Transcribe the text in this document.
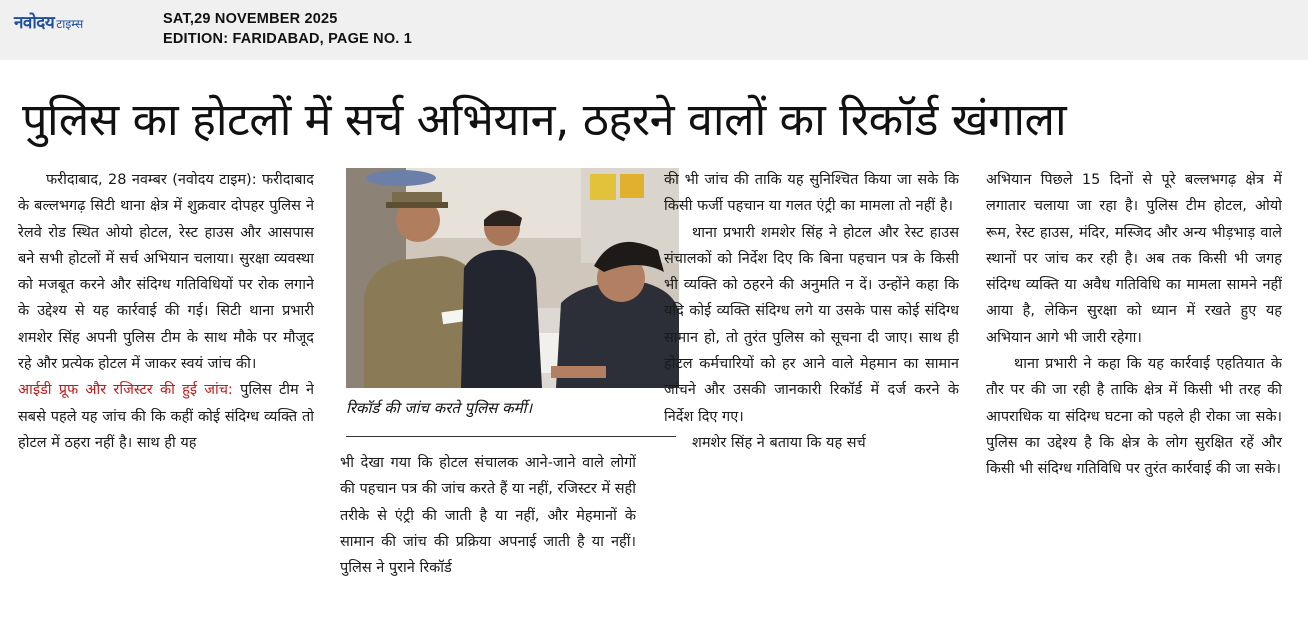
नवोदय टाइम्स	SAT,29 NOVEMBER 2025
EDITION: FARIDABAD, PAGE NO. 1
पुलिस का होटलों में सर्च अभियान, ठहरने वालों का रिकॉर्ड खंगाला

फरीदाबाद, 28 नवम्बर (नवोदय टाइम): फरीदाबाद के बल्लभगढ़ सिटी थाना क्षेत्र में शुक्रवार दोपहर पुलिस ने रेलवे रोड स्थित ओयो होटल, रेस्ट हाउस और आसपास बने सभी होटलों में सर्च अभियान चलाया। सुरक्षा व्यवस्था को मजबूत करने और संदिग्ध गतिविधियों पर रोक लगाने के उद्देश्य से यह कार्रवाई की गई। सिटी थाना प्रभारी शमशेर सिंह अपनी पुलिस टीम के साथ मौके पर मौजूद रहे और प्रत्येक होटल में जाकर स्वयं जांच की।

आईडी प्रूफ और रजिस्टर की हुई जांच: पुलिस टीम ने सबसे पहले यह जांच की कि कहीं कोई संदिग्ध व्यक्ति तो होटल में ठहरा नहीं है। साथ ही यह

रिकॉर्ड की जांच करते पुलिस कर्मी।

भी देखा गया कि होटल संचालक आने-जाने वाले लोगों की पहचान पत्र की जांच करते हैं या नहीं, रजिस्टर में सही तरीके से एंट्री की जाती है या नहीं, और मेहमानों के सामान की जांच की प्रक्रिया अपनाई जाती है या नहीं। पुलिस ने पुराने रिकॉर्ड

की भी जांच की ताकि यह सुनिश्चित किया जा सके कि किसी फर्जी पहचान या गलत एंट्री का मामला तो नहीं है।

थाना प्रभारी शमशेर सिंह ने होटल और रेस्ट हाउस संचालकों को निर्देश दिए कि बिना पहचान पत्र के किसी भी व्यक्ति को ठहरने की अनुमति न दें। उन्होंने कहा कि यदि कोई व्यक्ति संदिग्ध लगे या उसके पास कोई संदिग्ध सामान हो, तो तुरंत पुलिस को सूचना दी जाए। साथ ही होटल कर्मचारियों को हर आने वाले मेहमान का सामान जांचने और उसकी जानकारी रिकॉर्ड में दर्ज करने के निर्देश दिए गए।

शमशेर सिंह ने बताया कि यह सर्च

अभियान पिछले 15 दिनों से पूरे बल्लभगढ़ क्षेत्र में लगातार चलाया जा रहा है। पुलिस टीम होटल, ओयो रूम, रेस्ट हाउस, मंदिर, मस्जिद और अन्य भीड़भाड़ वाले स्थानों पर जांच कर रही है। अब तक किसी भी जगह संदिग्ध व्यक्ति या अवैध गतिविधि का मामला सामने नहीं आया है, लेकिन सुरक्षा को ध्यान में रखते हुए यह अभियान आगे भी जारी रहेगा।

थाना प्रभारी ने कहा कि यह कार्रवाई एहतियात के तौर पर की जा रही है ताकि क्षेत्र में किसी भी तरह की आपराधिक या संदिग्ध घटना को पहले ही रोका जा सके। पुलिस का उद्देश्य है कि क्षेत्र के लोग सुरक्षित रहें और किसी भी संदिग्ध गतिविधि पर तुरंत कार्रवाई की जा सके।
